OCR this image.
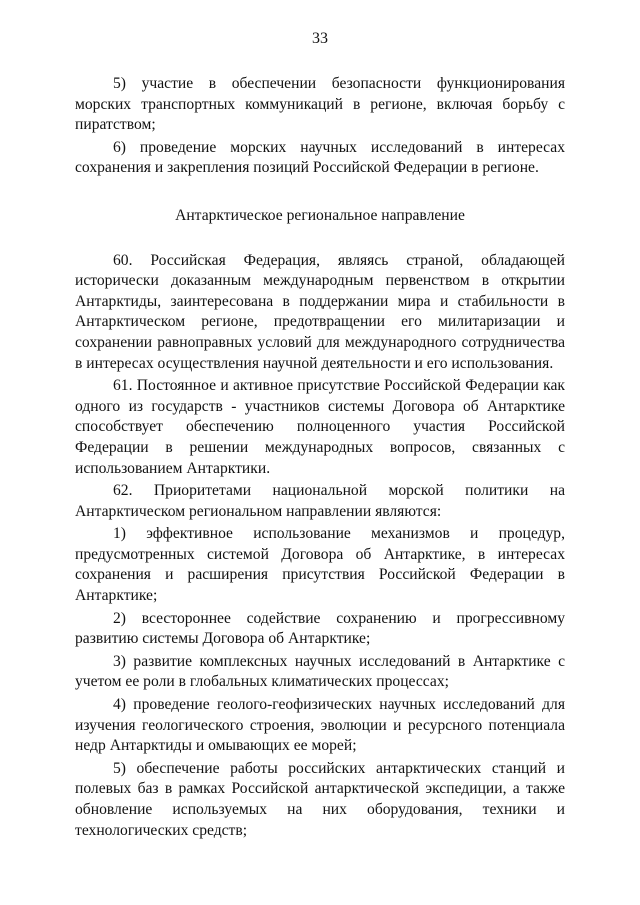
33

5) участие в обеспечении безопасности функционирования морских транспортных коммуникаций в регионе, включая борьбу с пиратством;

6) проведение морских научных исследований в интересах сохранения и закрепления позиций Российской Федерации в регионе.

Антарктическое региональное направление

60. Российская Федерация, являясь страной, обладающей исторически доказанным международным первенством в открытии Антарктиды, заинтересована в поддержании мира и стабильности в Антарктическом регионе, предотвращении его милитаризации и сохранении равноправных условий для международного сотрудничества в интересах осуществления научной деятельности и его использования.

61. Постоянное и активное присутствие Российской Федерации как одного из государств - участников системы Договора об Антарктике способствует обеспечению полноценного участия Российской Федерации в решении международных вопросов, связанных с использованием Антарктики.

62. Приоритетами национальной морской политики на Антарктическом региональном направлении являются:

1) эффективное использование механизмов и процедур, предусмотренных системой Договора об Антарктике, в интересах сохранения и расширения присутствия Российской Федерации в Антарктике;

2) всестороннее содействие сохранению и прогрессивному развитию системы Договора об Антарктике;

3) развитие комплексных научных исследований в Антарктике с учетом ее роли в глобальных климатических процессах;

4) проведение геолого-геофизических научных исследований для изучения геологического строения, эволюции и ресурсного потенциала недр Антарктиды и омывающих ее морей;

5) обеспечение работы российских антарктических станций и полевых баз в рамках Российской антарктической экспедиции, а также обновление используемых на них оборудования, техники и технологических средств;
